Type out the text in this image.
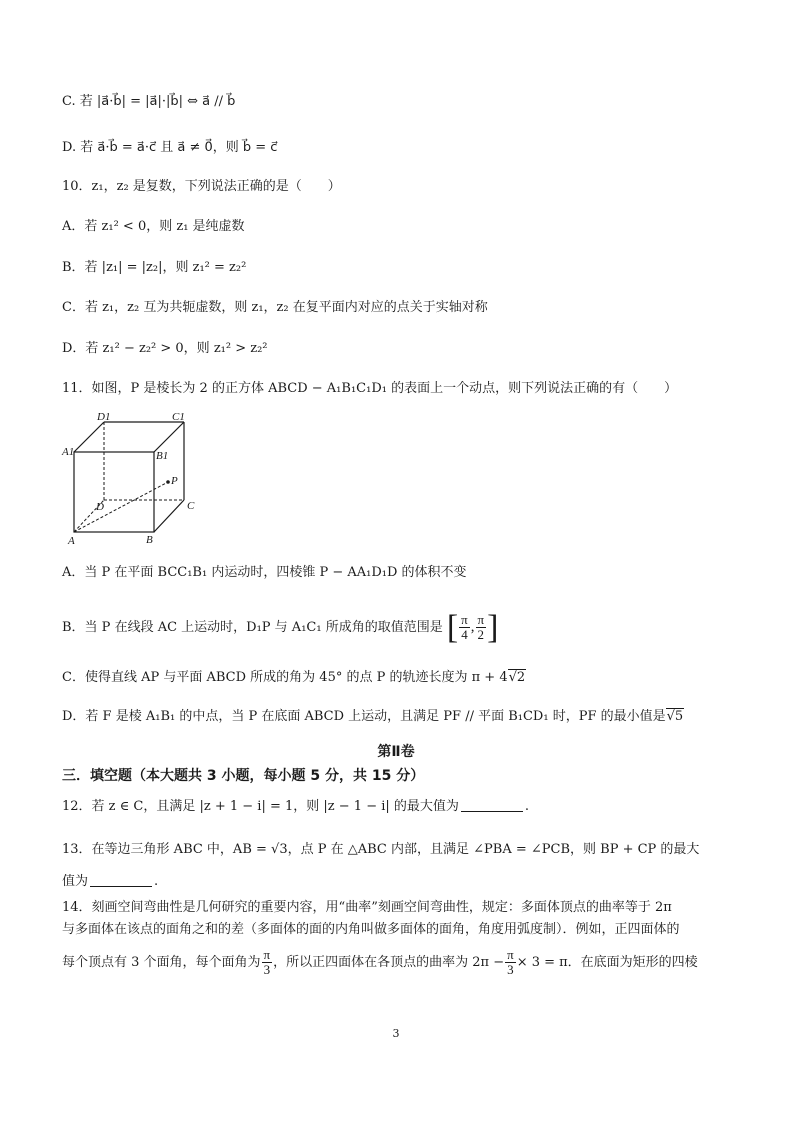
C. 若 |a⃗·b⃗| = |a⃗|·|b⃗| ⇔ a⃗ // b⃗
D. 若 a⃗·b⃗ = a⃗·c⃗ 且 a⃗ ≠ 0⃗，则 b⃗ = c⃗
10．z₁，z₂ 是复数，下列说法正确的是（　　）
A．若 z₁² < 0，则 z₁ 是纯虚数
B．若 |z₁| = |z₂|，则 z₁² = z₂²
C．若 z₁，z₂ 互为共轭虚数，则 z₁，z₂ 在复平面内对应的点关于实轴对称
D．若 z₁² − z₂² > 0，则 z₁² > z₂²
11．如图，P 是棱长为 2 的正方体 ABCD − A₁B₁C₁D₁ 的表面上一个动点，则下列说法正确的有（　　）
D1	C1
A1	B1
P
D	C
A	B
A．当 P 在平面 BCC₁B₁ 内运动时，四棱锥 P − AA₁D₁D 的体积不变
B．当 P 在线段 AC 上运动时，D₁P 与 A₁C₁ 所成角的取值范围是 [ $\frac{\pi}{4}$ , $\frac{\pi}{2}$ ]
C．使得直线 AP 与平面 ABCD 所成的角为 45° 的点 P 的轨迹长度为 π + 4√2
D．若 F 是棱 A₁B₁ 的中点，当 P 在底面 ABCD 上运动，且满足 PF // 平面 B₁CD₁ 时，PF 的最小值是√5
第Ⅱ卷
三．填空题（本大题共 3 小题，每小题 5 分，共 15 分）
12．若 z ∈ C，且满足 |z + 1 − i| = 1，则 |z − 1 − i| 的最大值为	.
13．在等边三角形 ABC 中，AB = √3，点 P 在 △ABC 内部，且满足 ∠PBA = ∠PCB，则 BP + CP 的最大
值为	.
14．刻画空间弯曲性是几何研究的重要内容，用“曲率”刻画空间弯曲性，规定：多面体顶点的曲率等于 2π
与多面体在该点的面角之和的差（多面体的面的内角叫做多面体的面角，角度用弧度制）．例如，正四面体的
每个顶点有 3 个面角，每个面角为 $\frac{\pi}{3}$ ，所以正四面体在各顶点的曲率为 $2\pi - \frac{\pi}{3} \times 3 = \pi$．在底面为矩形的四棱
3
